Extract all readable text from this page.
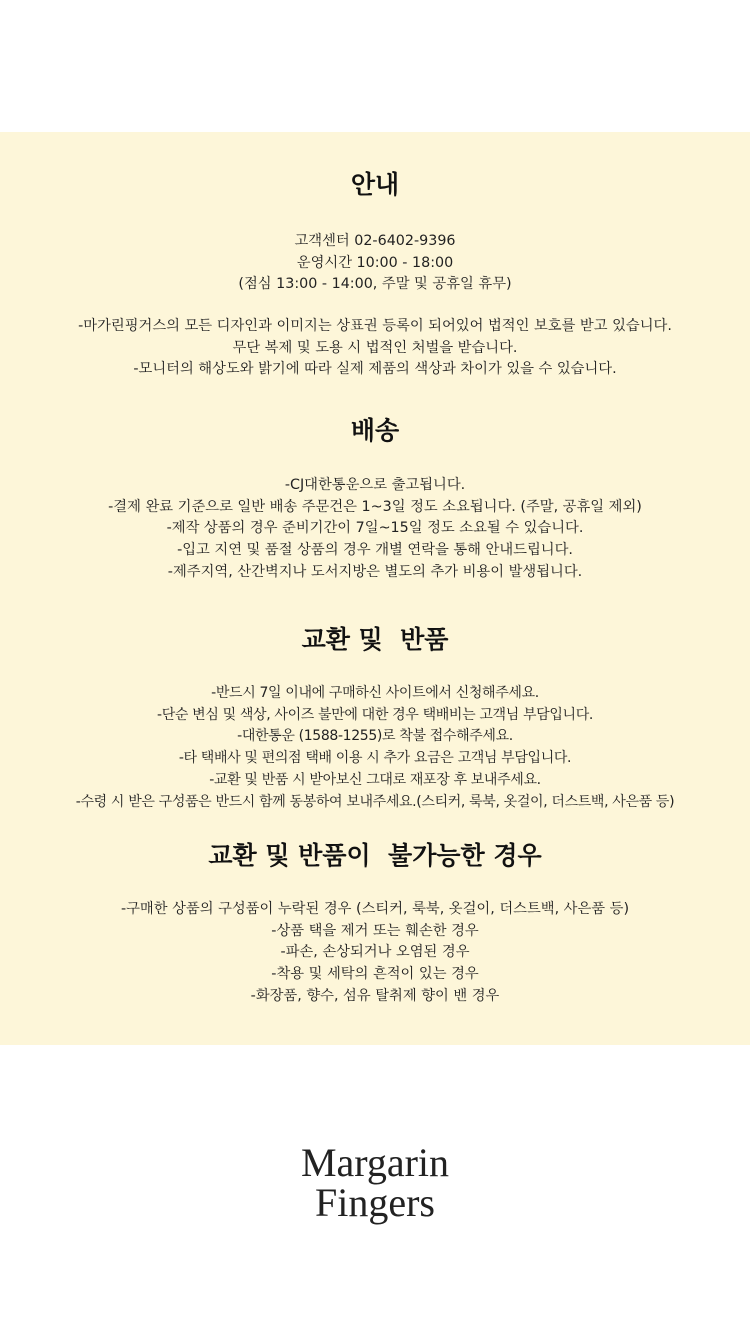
안내
고객센터 02-6402-9396
운영시간 10:00 - 18:00
(점심 13:00 - 14:00, 주말 및 공휴일 휴무)
-마가린핑거스의 모든 디자인과 이미지는 상표권 등록이 되어있어 법적인 보호를 받고 있습니다.
무단 복제 및 도용 시 법적인 처벌을 받습니다.
-모니터의 해상도와 밝기에 따라 실제 제품의 색상과 차이가 있을 수 있습니다.
배송
-CJ대한통운으로 출고됩니다.
-결제 완료 기준으로 일반 배송 주문건은 1~3일 정도 소요됩니다. (주말, 공휴일 제외)
-제작 상품의 경우 준비기간이 7일~15일 정도 소요될 수 있습니다.
-입고 지연 및 품절 상품의 경우 개별 연락을 통해 안내드립니다.
-제주지역, 산간벽지나 도서지방은 별도의 추가 비용이 발생됩니다.
교환 및  반품
-반드시 7일 이내에 구매하신 사이트에서 신청해주세요.
-단순 변심 및 색상, 사이즈 불만에 대한 경우 택배비는 고객님 부담입니다.
-대한통운 (1588-1255)로 착불 접수해주세요.
-타 택배사 및 편의점 택배 이용 시 추가 요금은 고객님 부담입니다.
-교환 및 반품 시 받아보신 그대로 재포장 후 보내주세요.
-수령 시 받은 구성품은 반드시 함께 동봉하여 보내주세요.(스티커, 룩북, 옷걸이, 더스트백, 사은품 등)
교환 및 반품이  불가능한 경우
-구매한 상품의 구성품이 누락된 경우 (스티커, 룩북, 옷걸이, 더스트백, 사은품 등)
-상품 택을 제거 또는 훼손한 경우
-파손, 손상되거나 오염된 경우
-착용 및 세탁의 흔적이 있는 경우
-화장품, 향수, 섬유 탈취제 향이 밴 경우
Margarin
Fingers
